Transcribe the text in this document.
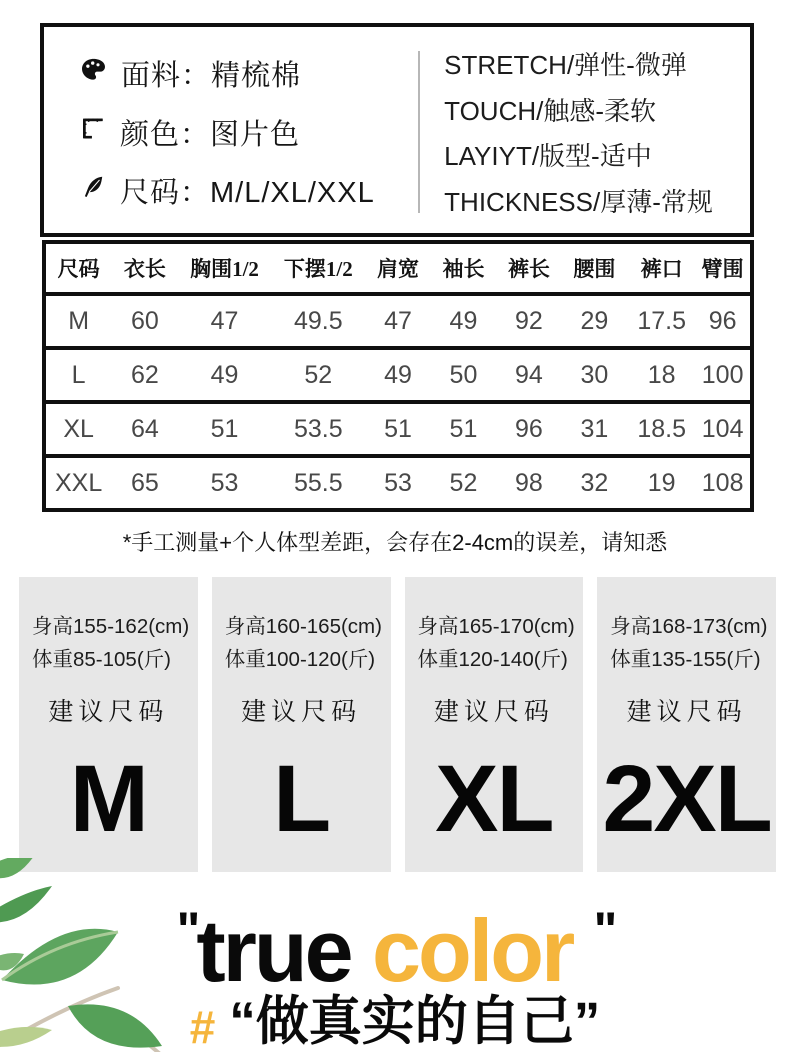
面料：精梳棉
颜色：图片色
尺码：M/L/XL/XXL
STRETCH/弹性-微弹
TOUCH/触感-柔软
LAYIYT/版型-适中
THICKNESS/厚薄-常规
尺码	衣长	胸围1/2	下摆1/2	肩宽	袖长	裤长	腰围	裤口	臂围
M	60	47	49.5	47	49	92	29	17.5	96
L	62	49	52	49	50	94	30	18	100
XL	64	51	53.5	51	51	96	31	18.5	104
XXL	65	53	55.5	53	52	98	32	19	108
*手工测量+个人体型差距，会存在2-4cm的误差，请知悉
身高155-162(cm)
体重85-105(斤)
建议尺码
M
身高160-165(cm)
体重100-120(斤)
建议尺码
L
身高165-170(cm)
体重120-140(斤)
建议尺码
XL
身高168-173(cm)
体重135-155(斤)
建议尺码
2XL
"true color "
# “做真实的自己”
